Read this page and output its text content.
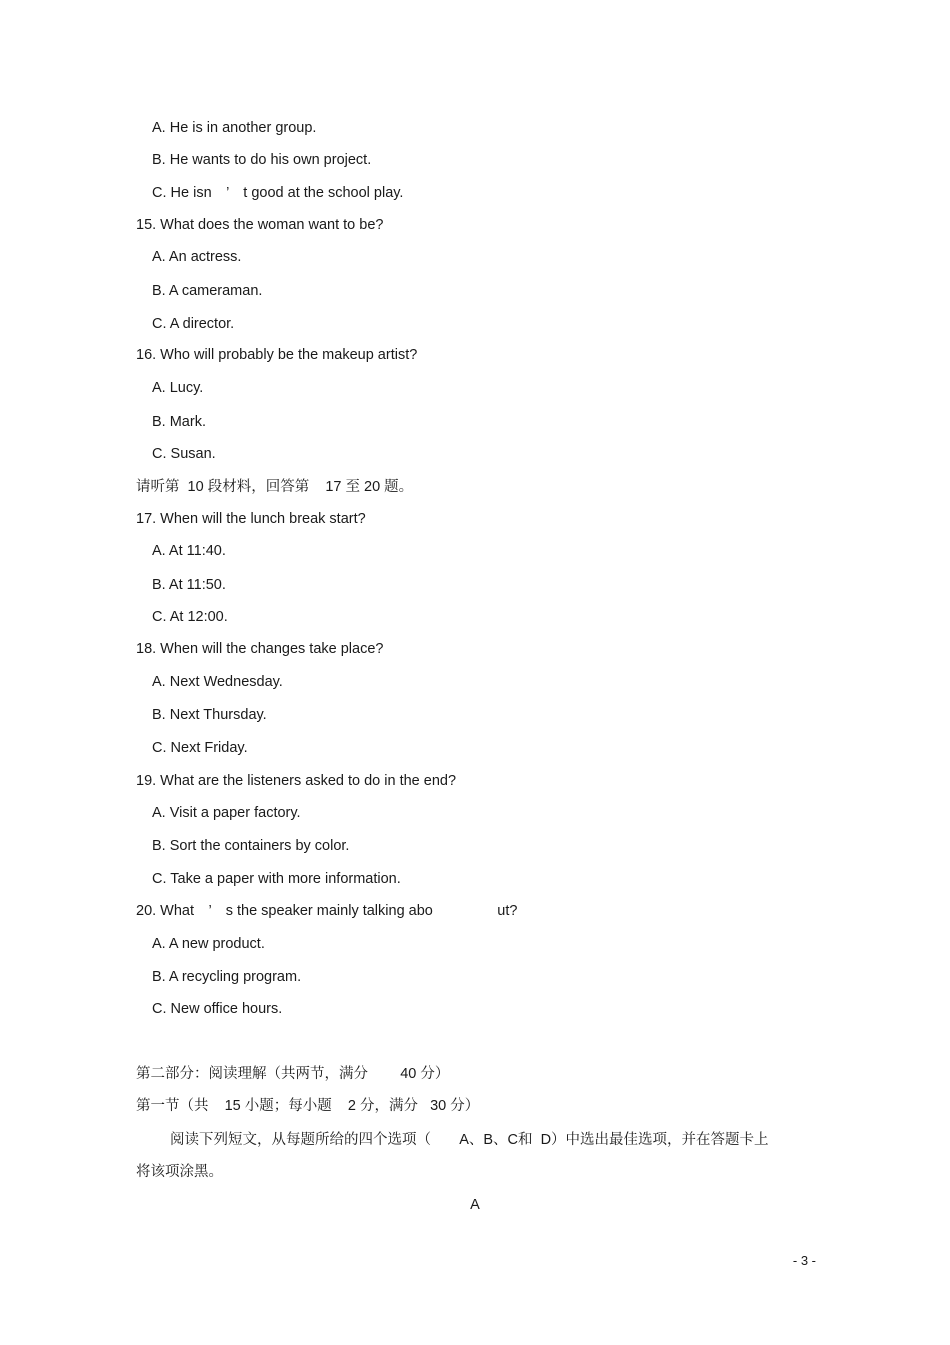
A. He is in another group.
B. He wants to do his own project.
C. He isn　’　t good at the school play.
15. What does the woman want to be?
A. An actress.
B. A cameraman.
C. A director.
16. Who will probably be the makeup artist?
A. Lucy.
B. Mark.
C. Susan.
请听第  10 段材料，回答第    17 至 20 题。
17. When will the lunch break start?
A. At 11:40.
B. At 11:50.
C. At 12:00.
18. When will the changes take place?
A. Next Wednesday.
B. Next Thursday.
C. Next Friday.
19. What are the listeners asked to do in the end?
A. Visit a paper factory.
B. Sort the containers by color.
C. Take a paper with more information.
20. What　’　s the speaker mainly talking abo                ut?
A. A new product.
B. A recycling program.
C. New office hours.
第二部分：阅读理解（共两节，满分        40 分）
第一节（共    15 小题；每小题    2 分，满分   30 分）
阅读下列短文，从每题所给的四个选项（       A、B、C和  D）中选出最佳选项，并在答题卡上
将该项涂黑。
A
- 3 -
